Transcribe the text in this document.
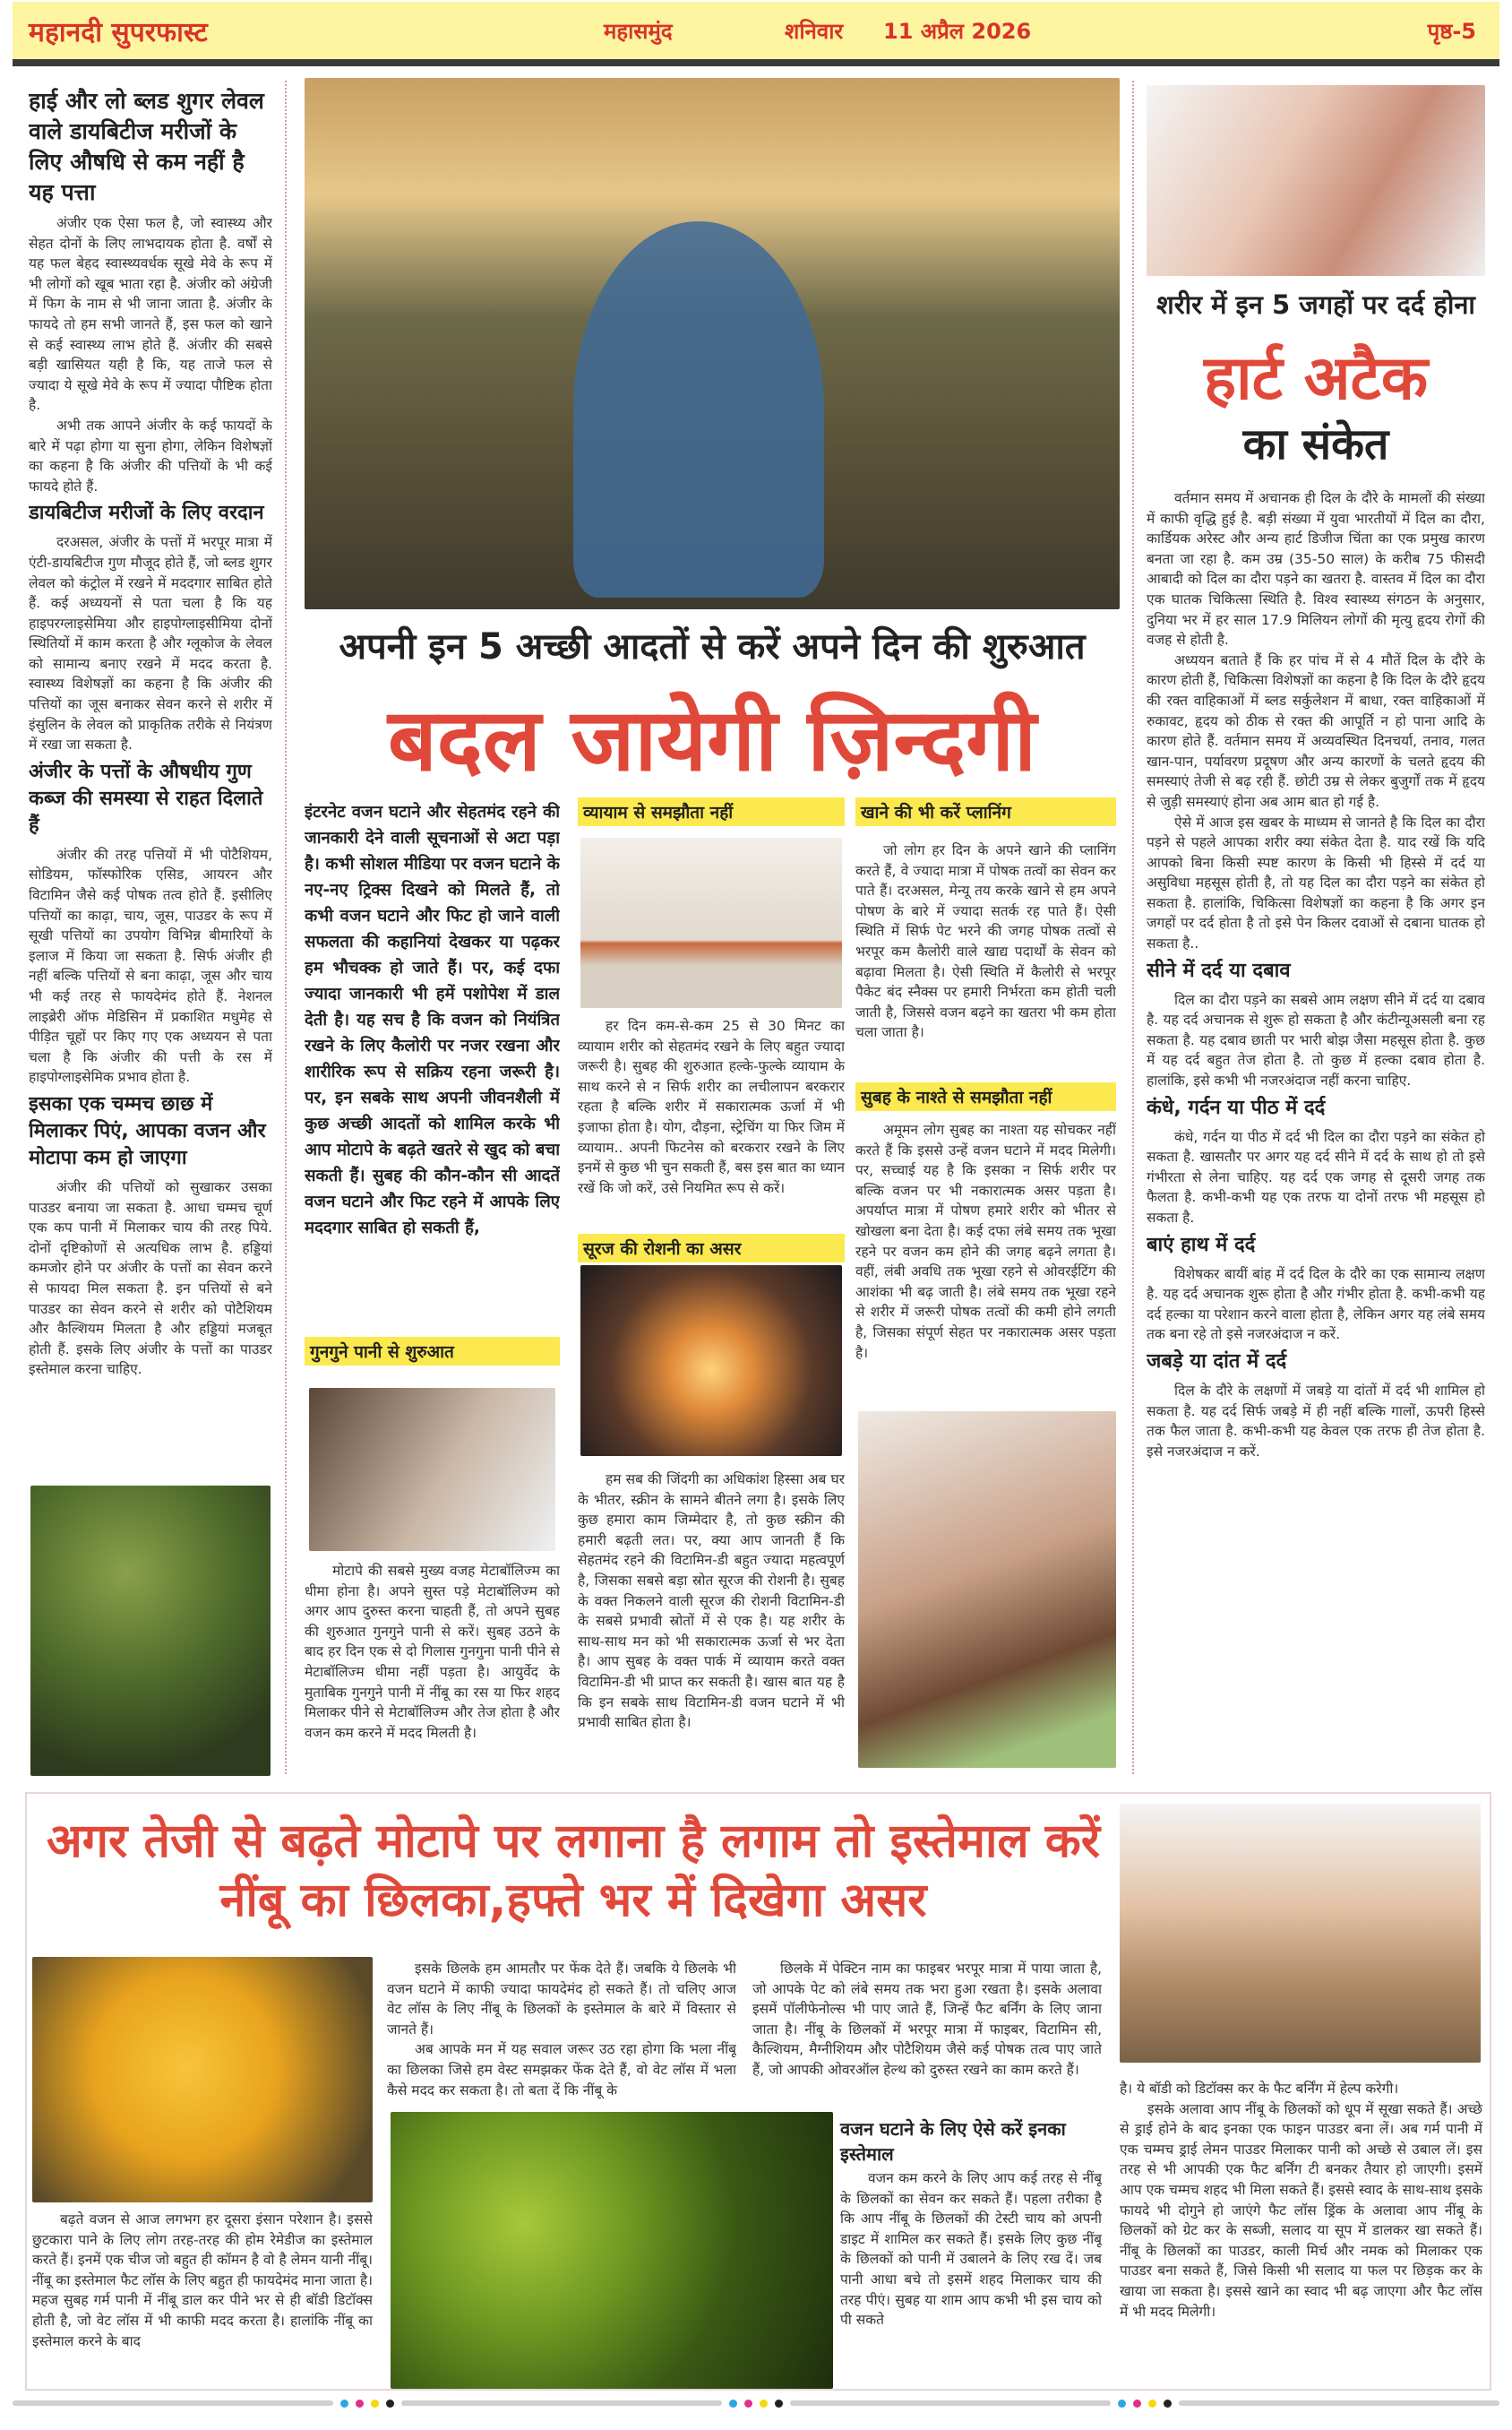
महानदी सुपरफास्ट	महासमुंद	शनिवार 11 अप्रैल 2026	पृष्ठ-5
हाई और लो ब्लड शुगर लेवल वाले डायबिटीज मरीजों के लिए औषधि से कम नहीं है यह पत्ता

अंजीर एक ऐसा फल है, जो स्वास्थ्य और सेहत दोनों के लिए लाभदायक होता है. वर्षों से यह फल बेहद स्वास्थ्यवर्धक सूखे मेवे के रूप में भी लोगों को खूब भाता रहा है. अंजीर को अंग्रेजी में फिग के नाम से भी जाना जाता है. अंजीर के फायदे तो हम सभी जानते हैं, इस फल को खाने से कई स्वास्थ्य लाभ होते हैं. अंजीर की सबसे बड़ी खासियत यही है कि, यह ताजे फल से ज्यादा ये सूखे मेवे के रूप में ज्यादा पौष्टिक होता है.

अभी तक आपने अंजीर के कई फायदों के बारे में पढ़ा होगा या सुना होगा, लेकिन विशेषज्ञों का कहना है कि अंजीर की पत्तियों के भी कई फायदे होते हैं.

डायबिटीज मरीजों के लिए वरदान

दरअसल, अंजीर के पत्तों में भरपूर मात्रा में एंटी-डायबिटीज गुण मौजूद होते हैं, जो ब्लड शुगर लेवल को कंट्रोल में रखने में मददगार साबित होते हैं. कई अध्ययनों से पता चला है कि यह हाइपरग्लाइसेमिया और हाइपोग्लाइसीमिया दोनों स्थितियों में काम करता है और ग्लूकोज के लेवल को सामान्य बनाए रखने में मदद करता है. स्वास्थ्य विशेषज्ञों का कहना है कि अंजीर की पत्तियों का जूस बनाकर सेवन करने से शरीर में इंसुलिन के लेवल को प्राकृतिक तरीके से नियंत्रण में रखा जा सकता है.

अंजीर के पत्तों के औषधीय गुण कब्ज की समस्या से राहत दिलाते हैं

अंजीर की तरह पत्तियों में भी पोटैशियम, सोडियम, फॉस्फोरिक एसिड, आयरन और विटामिन जैसे कई पोषक तत्व होते हैं. इसीलिए पत्तियों का काढ़ा, चाय, जूस, पाउडर के रूप में सूखी पत्तियों का उपयोग विभिन्न बीमारियों के इलाज में किया जा सकता है. सिर्फ अंजीर ही नहीं बल्कि पत्तियों से बना काढ़ा, जूस और चाय भी कई तरह से फायदेमंद होते हैं. नेशनल लाइब्रेरी ऑफ मेडिसिन में प्रकाशित मधुमेह से पीड़ित चूहों पर किए गए एक अध्ययन से पता चला है कि अंजीर की पत्ती के रस में हाइपोग्लाइसेमिक प्रभाव होता है.

इसका एक चम्मच छाछ में मिलाकर पिएं, आपका वजन और मोटापा कम हो जाएगा

अंजीर की पत्तियों को सुखाकर उसका पाउडर बनाया जा सकता है. आधा चम्मच चूर्ण एक कप पानी में मिलाकर चाय की तरह पिये. दोनों दृष्टिकोणों से अत्यधिक लाभ है. हड्डियां कमजोर होने पर अंजीर के पत्तों का सेवन करने से फायदा मिल सकता है. इन पत्तियों से बने पाउडर का सेवन करने से शरीर को पोटैशियम और कैल्शियम मिलता है और हड्डियां मजबूत होती हैं. इसके लिए अंजीर के पत्तों का पाउडर इस्तेमाल करना चाहिए.

अपनी इन 5 अच्छी आदतों से करें अपने दिन की शुरुआत
बदल जायेगी ज़िन्दगी

इंटरनेट वजन घटाने और सेहतमंद रहने की जानकारी देने वाली सूचनाओं से अटा पड़ा है। कभी सोशल मीडिया पर वजन घटाने के नए-नए ट्रिक्स दिखने को मिलते हैं, तो कभी वजन घटाने और फिट हो जाने वाली सफलता की कहानियां देखकर या पढ़कर हम भौचक्क हो जाते हैं। पर, कई दफा ज्यादा जानकारी भी हमें पशोपेश में डाल देती है। यह सच है कि वजन को नियंत्रित रखने के लिए कैलोरी पर नजर रखना और शारीरिक रूप से सक्रिय रहना जरूरी है। पर, इन सबके साथ अपनी जीवनशैली में कुछ अच्छी आदतों को शामिल करके भी आप मोटापे के बढ़ते खतरे से खुद को बचा सकती हैं। सुबह की कौन-कौन सी आदतें वजन घटाने और फिट रहने में आपके लिए मददगार साबित हो सकती हैं,

गुनगुने पानी से शुरुआत

मोटापे की सबसे मुख्य वजह मेटाबॉलिज्म का धीमा होना है। अपने सुस्त पड़े मेटाबॉलिज्म को अगर आप दुरुस्त करना चाहती हैं, तो अपने सुबह की शुरुआत गुनगुने पानी से करें। सुबह उठने के बाद हर दिन एक से दो गिलास गुनगुना पानी पीने से मेटाबॉलिज्म धीमा नहीं पड़ता है। आयुर्वेद के मुताबिक गुनगुने पानी में नींबू का रस या फिर शहद मिलाकर पीने से मेटाबॉलिज्म और तेज होता है और वजन कम करने में मदद मिलती है।

व्यायाम से समझौता नहीं

हर दिन कम-से-कम 25 से 30 मिनट का व्यायाम शरीर को सेहतमंद रखने के लिए बहुत ज्यादा जरूरी है। सुबह की शुरुआत हल्के-फुल्के व्यायाम के साथ करने से न सिर्फ शरीर का लचीलापन बरकरार रहता है बल्कि शरीर में सकारात्मक ऊर्जा में भी इजाफा होता है। योग, दौड़ना, स्ट्रेचिंग या फिर जिम में व्यायाम.. अपनी फिटनेस को बरकरार रखने के लिए इनमें से कुछ भी चुन सकती हैं, बस इस बात का ध्यान रखें कि जो करें, उसे नियमित रूप से करें।

सूरज की रोशनी का असर

हम सब की जिंदगी का अधिकांश हिस्सा अब घर के भीतर, स्क्रीन के सामने बीतने लगा है। इसके लिए कुछ हमारा काम जिम्मेदार है, तो कुछ स्क्रीन की हमारी बढ़ती लत। पर, क्या आप जानती हैं कि सेहतमंद रहने की विटामिन-डी बहुत ज्यादा महत्वपूर्ण है, जिसका सबसे बड़ा स्रोत सूरज की रोशनी है। सुबह के वक्त निकलने वाली सूरज की रोशनी विटामिन-डी के सबसे प्रभावी स्रोतों में से एक है। यह शरीर के साथ-साथ मन को भी सकारात्मक ऊर्जा से भर देता है। आप सुबह के वक्त पार्क में व्यायाम करते वक्त विटामिन-डी भी प्राप्त कर सकती है। खास बात यह है कि इन सबके साथ विटामिन-डी वजन घटाने में भी प्रभावी साबित होता है।

खाने की भी करें प्लानिंग

जो लोग हर दिन के अपने खाने की प्लानिंग करते हैं, वे ज्यादा मात्रा में पोषक तत्वों का सेवन कर पाते हैं। दरअसल, मेन्यू तय करके खाने से हम अपने पोषण के बारे में ज्यादा सतर्क रह पाते हैं। ऐसी स्थिति में सिर्फ पेट भरने की जगह पोषक तत्वों से भरपूर कम कैलोरी वाले खाद्य पदार्थों के सेवन को बढ़ावा मिलता है। ऐसी स्थिति में कैलोरी से भरपूर पैकेट बंद स्नैक्स पर हमारी निर्भरता कम होती चली जाती है, जिससे वजन बढ़ने का खतरा भी कम होता चला जाता है।

सुबह के नाश्ते से समझौता नहीं

अमूमन लोग सुबह का नाश्ता यह सोचकर नहीं करते हैं कि इससे उन्हें वजन घटाने में मदद मिलेगी। पर, सच्चाई यह है कि इसका न सिर्फ शरीर पर बल्कि वजन पर भी नकारात्मक असर पड़ता है। अपर्याप्त मात्रा में पोषण हमारे शरीर को भीतर से खोखला बना देता है। कई दफा लंबे समय तक भूखा रहने पर वजन कम होने की जगह बढ़ने लगता है। वहीं, लंबी अवधि तक भूखा रहने से ओवरईटिंग की आशंका भी बढ़ जाती है। लंबे समय तक भूखा रहने से शरीर में जरूरी पोषक तत्वों की कमी होने लगती है, जिसका संपूर्ण सेहत पर नकारात्मक असर पड़ता है।

शरीर में इन 5 जगहों पर दर्द होना
हार्ट अटैक
का संकेत

वर्तमान समय में अचानक ही दिल के दौरे के मामलों की संख्या में काफी वृद्धि हुई है. बड़ी संख्या में युवा भारतीयों में दिल का दौरा, कार्डियक अरेस्ट और अन्य हार्ट डिजीज चिंता का एक प्रमुख कारण बनता जा रहा है. कम उम्र (35-50 साल) के करीब 75 फीसदी आबादी को दिल का दौरा पड़ने का खतरा है. वास्तव में दिल का दौरा एक घातक चिकित्सा स्थिति है. विश्व स्वास्थ्य संगठन के अनुसार, दुनिया भर में हर साल 17.9 मिलियन लोगों की मृत्यु हृदय रोगों की वजह से होती है.

अध्ययन बताते हैं कि हर पांच में से 4 मौतें दिल के दौरे के कारण होती हैं, चिकित्सा विशेषज्ञों का कहना है कि दिल के दौरे हृदय की रक्त वाहिकाओं में ब्लड सर्कुलेशन में बाधा, रक्त वाहिकाओं में रुकावट, हृदय को ठीक से रक्त की आपूर्ति न हो पाना आदि के कारण होते हैं. वर्तमान समय में अव्यवस्थित दिनचर्या, तनाव, गलत खान-पान, पर्यावरण प्रदूषण और अन्य कारणों के चलते हृदय की समस्याएं तेजी से बढ़ रही हैं. छोटी उम्र से लेकर बुजुर्गों तक में हृदय से जुड़ी समस्याएं होना अब आम बात हो गई है.

ऐसे में आज इस खबर के माध्यम से जानते है कि दिल का दौरा पड़ने से पहले आपका शरीर क्या संकेत देता है. याद रखें कि यदि आपको बिना किसी स्पष्ट कारण के किसी भी हिस्से में दर्द या असुविधा महसूस होती है, तो यह दिल का दौरा पड़ने का संकेत हो सकता है. हालांकि, चिकित्सा विशेषज्ञों का कहना है कि अगर इन जगहों पर दर्द होता है तो इसे पेन किलर दवाओं से दबाना घातक हो सकता है..

सीने में दर्द या दबाव

दिल का दौरा पड़ने का सबसे आम लक्षण सीने में दर्द या दबाव है. यह दर्द अचानक से शुरू हो सकता है और कंटीन्यूअसली बना रह सकता है. यह दबाव छाती पर भारी बोझ जैसा महसूस होता है. कुछ में यह दर्द बहुत तेज होता है. तो कुछ में हल्का दबाव होता है. हालांकि, इसे कभी भी नजरअंदाज नहीं करना चाहिए.

कंधे, गर्दन या पीठ में दर्द

कंधे, गर्दन या पीठ में दर्द भी दिल का दौरा पड़ने का संकेत हो सकता है. खासतौर पर अगर यह दर्द सीने में दर्द के साथ हो तो इसे गंभीरता से लेना चाहिए. यह दर्द एक जगह से दूसरी जगह तक फैलता है. कभी-कभी यह एक तरफ या दोनों तरफ भी महसूस हो सकता है.

बाएं हाथ में दर्द

विशेषकर बायीं बांह में दर्द दिल के दौरे का एक सामान्य लक्षण है. यह दर्द अचानक शुरू होता है और गंभीर होता है. कभी-कभी यह दर्द हल्का या परेशान करने वाला होता है, लेकिन अगर यह लंबे समय तक बना रहे तो इसे नजरअंदाज न करें.

जबड़े या दांत में दर्द

दिल के दौरे के लक्षणों में जबड़े या दांतों में दर्द भी शामिल हो सकता है. यह दर्द सिर्फ जबड़े में ही नहीं बल्कि गालों, ऊपरी हिस्से तक फैल जाता है. कभी-कभी यह केवल एक तरफ ही तेज होता है. इसे नजरअंदाज न करें.

अगर तेजी से बढ़ते मोटापे पर लगाना है लगाम तो इस्तेमाल करें नींबू का छिलका,हफ्ते भर में दिखेगा असर

बढ़ते वजन से आज लगभग हर दूसरा इंसान परेशान है। इससे छुटकारा पाने के लिए लोग तरह-तरह की होम रेमेडीज का इस्तेमाल करते हैं। इनमें एक चीज जो बहुत ही कॉमन है वो है लेमन यानी नींबू। नींबू का इस्तेमाल फैट लॉस के लिए बहुत ही फायदेमंद माना जाता है। महज सुबह गर्म पानी में नींबू डाल कर पीने भर से ही बॉडी डिटॉक्स होती है, जो वेट लॉस में भी काफी मदद करता है। हालांकि नींबू का इस्तेमाल करने के बाद

इसके छिलके हम आमतौर पर फेंक देते हैं। जबकि ये छिलके भी वजन घटाने में काफी ज्यादा फायदेमंद हो सकते हैं। तो चलिए आज वेट लॉस के लिए नींबू के छिलकों के इस्तेमाल के बारे में विस्तार से जानते हैं।

अब आपके मन में यह सवाल जरूर उठ रहा होगा कि भला नींबू का छिलका जिसे हम वेस्ट समझकर फेंक देते हैं, वो वेट लॉस में भला कैसे मदद कर सकता है। तो बता दें कि नींबू के

छिलके में पेक्टिन नाम का फाइबर भरपूर मात्रा में पाया जाता है, जो आपके पेट को लंबे समय तक भरा हुआ रखता है। इसके अलावा इसमें पॉलीफेनोल्स भी पाए जाते हैं, जिन्हें फैट बर्निंग के लिए जाना जाता है। नींबू के छिलकों में भरपूर मात्रा में फाइबर, विटामिन सी, कैल्शियम, मैग्नीशियम और पोटैशियम जैसे कई पोषक तत्व पाए जाते हैं, जो आपकी ओवरऑल हेल्थ को दुरुस्त रखने का काम करते हैं।

वजन घटाने के लिए ऐसे करें इनका इस्तेमाल

वजन कम करने के लिए आप कई तरह से नींबू के छिलकों का सेवन कर सकते हैं। पहला तरीका है कि आप नींबू के छिलकों की टेस्टी चाय को अपनी डाइट में शामिल कर सकते हैं। इसके लिए कुछ नींबू के छिलकों को पानी में उबालने के लिए रख दें। जब पानी आधा बचे तो इसमें शहद मिलाकर चाय की तरह पीएं। सुबह या शाम आप कभी भी इस चाय को पी सकते

है। ये बॉडी को डिटॉक्स कर के फैट बर्निंग में हेल्प करेगी।

इसके अलावा आप नींबू के छिलकों को धूप में सूखा सकते हैं। अच्छे से ड्राई होने के बाद इनका एक फाइन पाउडर बना लें। अब गर्म पानी में एक चम्मच ड्राई लेमन पाउडर मिलाकर पानी को अच्छे से उबाल लें। इस तरह से भी आपकी एक फैट बर्निंग टी बनकर तैयार हो जाएगी। इसमें आप एक चम्मच शहद भी मिला सकते हैं। इससे स्वाद के साथ-साथ इसके फायदे भी दोगुने हो जाएंगे फैट लॉस ड्रिंक के अलावा आप नींबू के छिलकों को ग्रेट कर के सब्जी, सलाद या सूप में डालकर खा सकते हैं। नींबू के छिलकों का पाउडर, काली मिर्च और नमक को मिलाकर एक पाउडर बना सकते हैं, जिसे किसी भी सलाद या फल पर छिड़क कर के खाया जा सकता है। इससे खाने का स्वाद भी बढ़ जाएगा और फैट लॉस में भी मदद मिलेगी।
